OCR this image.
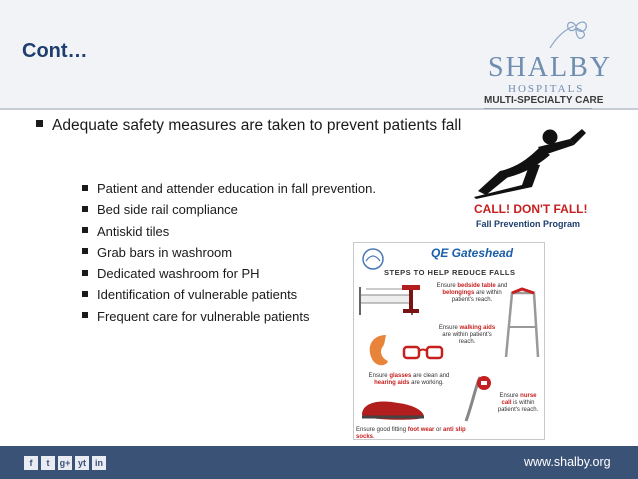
Cont…
SHALBY
HOSPITALS
MULTI-SPECIALTY CARE
Adequate safety measures are taken to prevent patients fall
Patient and attender education in fall prevention.
Bed side rail compliance
Antiskid tiles
Grab bars in washroom
Dedicated washroom for PH
Identification of vulnerable patients
Frequent care for vulnerable patients
CALL! DON'T FALL!
Fall Prevention Program
QE Gateshead
STEPS TO HELP REDUCE FALLS
Ensure bedside table and belongings are within patient's reach.
Ensure walking aids are within patient's reach.
Ensure glasses are clean and hearing aids are working.
Ensure nurse call is within patient's reach.
Ensure good fitting foot wear or anti slip socks.
f	t	g+ yt	in	www.shalby.org
